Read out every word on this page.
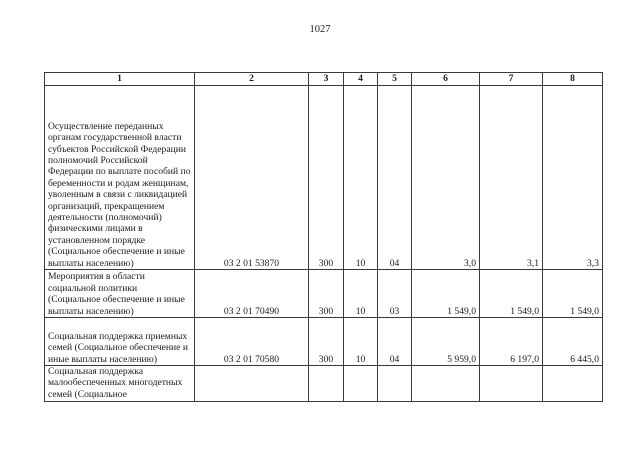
1027
1	2	3	4	5	6	7	8
Осуществление переданных органам государственной власти субъектов Российской Федерации полномочий Российской Федерации по выплате пособий по беременности и родам женщинам, уволенным в связи с ликвидацией организаций, прекращением деятельности (полномочий) физическими лицами в установленном порядке (Социальное обеспечение и иные выплаты населению)	03 2 01 53870	300	10	04	3,0	3,1	3,3
Мероприятия в области социальной политики (Социальное обеспечение и иные выплаты населению)	03 2 01 70490	300	10	03	1 549,0	1 549,0	1 549,0
Социальная поддержка приемных семей (Социальное обеспечение и иные выплаты населению)	03 2 01 70580	300	10	04	5 959,0	6 197,0	6 445,0
Социальная поддержка малообеспеченных многодетных семей (Социальное							
